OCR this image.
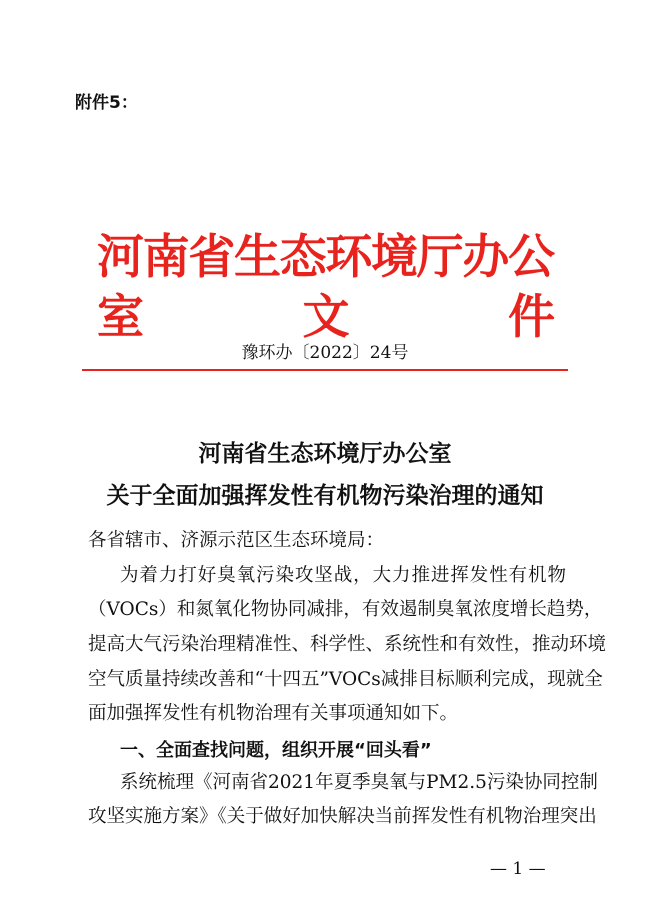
附件5：
河南省生态环境厅办公室文件
豫环办〔2022〕24号
河南省生态环境厅办公室
关于全面加强挥发性有机物污染治理的通知
各省辖市、济源示范区生态环境局：
为着力打好臭氧污染攻坚战，大力推进挥发性有机物
（VOCs）和氮氧化物协同减排，有效遏制臭氧浓度增长趋势，
提高大气污染治理精准性、科学性、系统性和有效性，推动环境
空气质量持续改善和“十四五”VOCs减排目标顺利完成，现就全
面加强挥发性有机物治理有关事项通知如下。
一、全面查找问题，组织开展“回头看”
系统梳理《河南省2021年夏季臭氧与PM2.5污染协同控制
攻坚实施方案》《关于做好加快解决当前挥发性有机物治理突出
— 1 —
